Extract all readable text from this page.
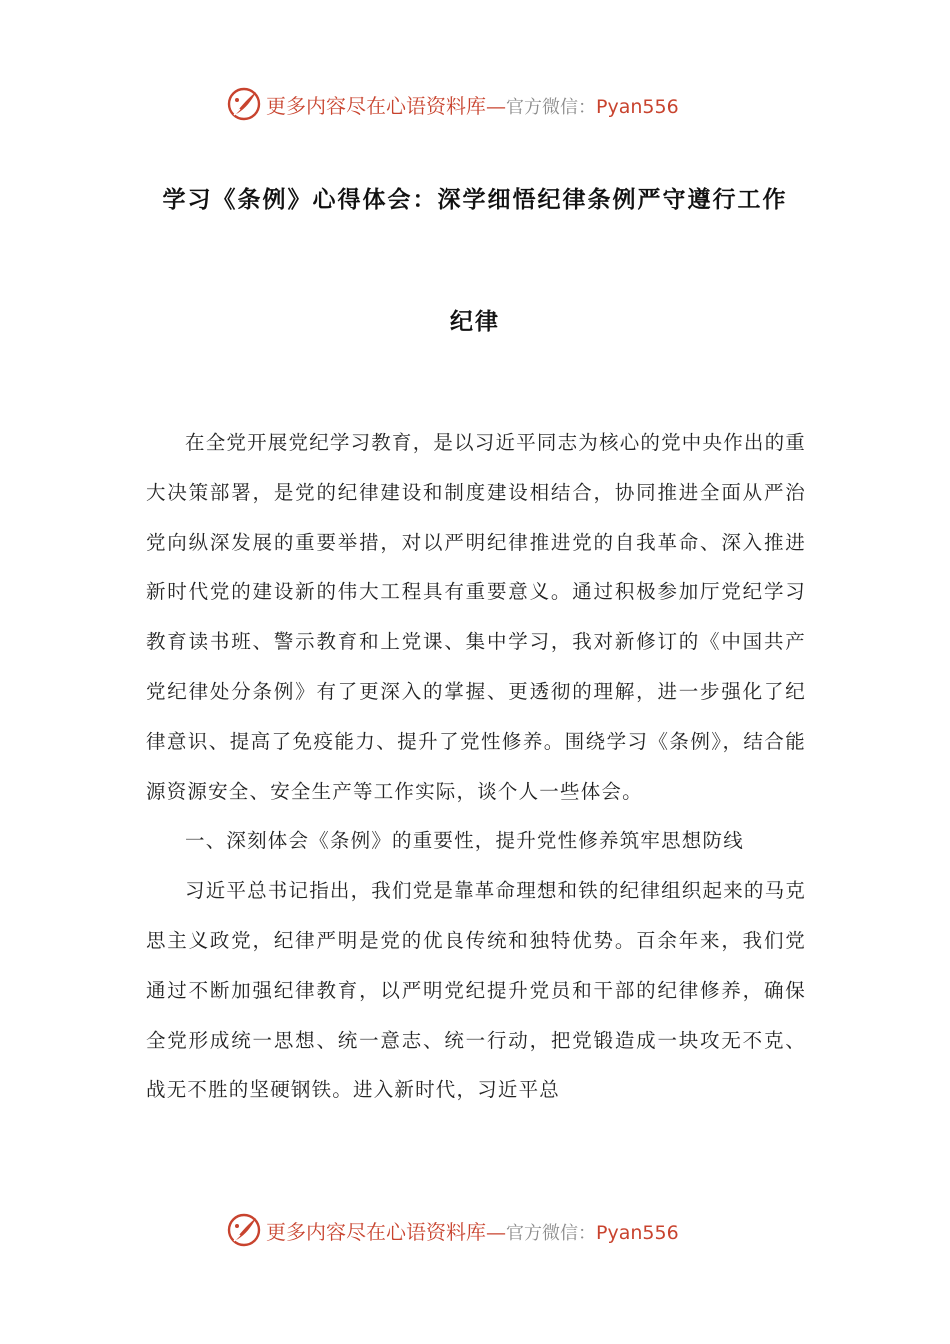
更多内容尽在心语资料库—官方微信：Pyan556
学习《条例》心得体会：深学细悟纪律条例严守遵行工作
纪律

在全党开展党纪学习教育，是以习近平同志为核心的党中央作出的重大决策部署，是党的纪律建设和制度建设相结合，协同推进全面从严治党向纵深发展的重要举措，对以严明纪律推进党的自我革命、深入推进新时代党的建设新的伟大工程具有重要意义。通过积极参加厅党纪学习教育读书班、警示教育和上党课、集中学习，我对新修订的《中国共产党纪律处分条例》有了更深入的掌握、更透彻的理解，进一步强化了纪律意识、提高了免疫能力、提升了党性修养。围绕学习《条例》，结合能源资源安全、安全生产等工作实际，谈个人一些体会。

一、深刻体会《条例》的重要性，提升党性修养筑牢思想防线

习近平总书记指出，我们党是靠革命理想和铁的纪律组织起来的马克思主义政党，纪律严明是党的优良传统和独特优势。百余年来，我们党通过不断加强纪律教育，以严明党纪提升党员和干部的纪律修养，确保全党形成统一思想、统一意志、统一行动，把党锻造成一块攻无不克、战无不胜的坚硬钢铁。进入新时代，习近平总

更多内容尽在心语资料库—官方微信：Pyan556
